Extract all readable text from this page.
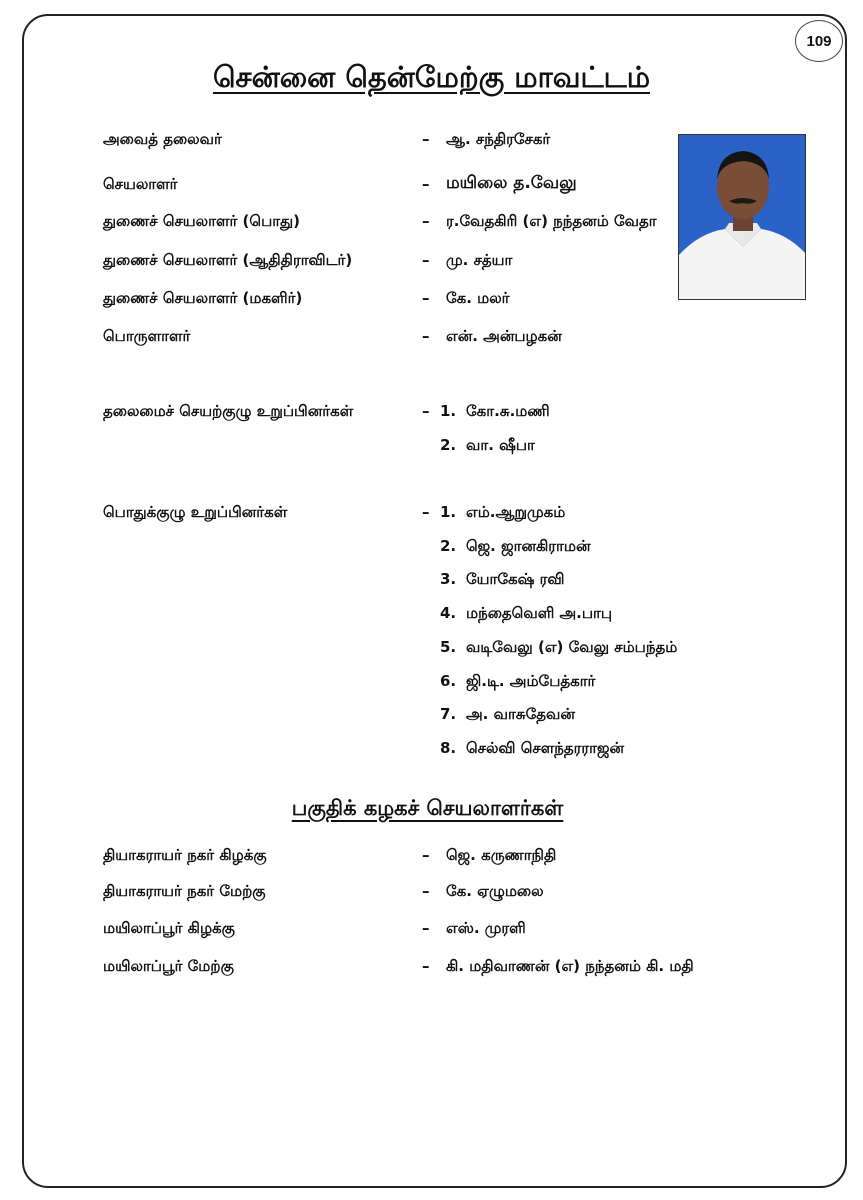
109
சென்னை தென்மேற்கு மாவட்டம்
அவைத் தலைவர்	– ஆ. சந்திரசேகர்
செயலாளர்	– மயிலை த.வேலு
துணைச் செயலாளர் (பொது)	– ர.வேதகிரி (எ) நந்தனம் வேதா
துணைச் செயலாளர் (ஆதிதிராவிடர்)	– மு. சத்யா
துணைச் செயலாளர் (மகளிர்)	– கே. மலர்
பொருளாளர்	– என். அன்பழகன்
தலைமைச் செயற்குழு உறுப்பினர்கள்	– 1. கோ.சு.மணி
2. வா. ஷீபா
பொதுக்குழு உறுப்பினர்கள்	– 1. எம்.ஆறுமுகம்
2. ஜெ. ஜானகிராமன்
3. யோகேஷ் ரவி
4. மந்தைவெளி அ.பாபு
5. வடிவேலு (எ) வேலு சம்பந்தம்
6. ஜி.டி. அம்பேத்கார்
7. அ. வாசுதேவன்
8. செல்வி சௌந்தரராஜன்
பகுதிக் கழகச் செயலாளர்கள்
தியாகராயர் நகர் கிழக்கு	– ஜெ. கருணாநிதி
தியாகராயர் நகர் மேற்கு	– கே. ஏழுமலை
மயிலாப்பூர் கிழக்கு	– எஸ். முரளி
மயிலாப்பூர் மேற்கு	– கி. மதிவாணன் (எ) நந்தனம் கி. மதி
